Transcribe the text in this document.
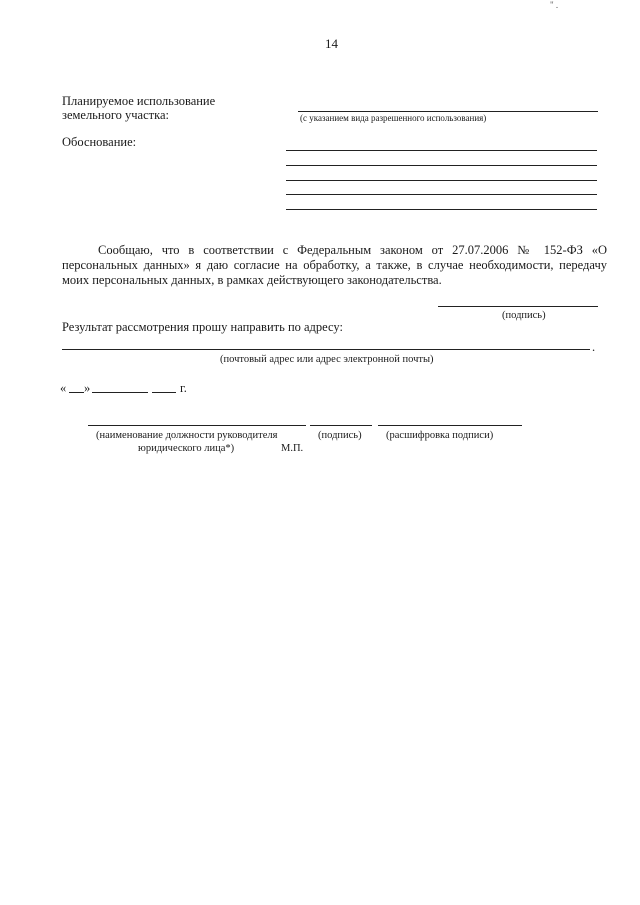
" .
14
Планируемое использование
земельного участка:	(с указанием вида разрешенного использования)
Обоснование:
Сообщаю, что в соответствии с Федеральным законом от 27.07.2006 № 152-ФЗ «О
персональных данных» я даю согласие на обработку, а также, в случае необходимости, передачу
моих персональных данных, в рамках действующего законодательства.
(подпись)
Результат рассмотрения прошу направить по адресу:
.
(почтовый адрес или адрес электронной почты)
« »	г.
(наименование должности руководителя	(подпись) (расшифровка подписи)
юридического лица*)	М.П.
